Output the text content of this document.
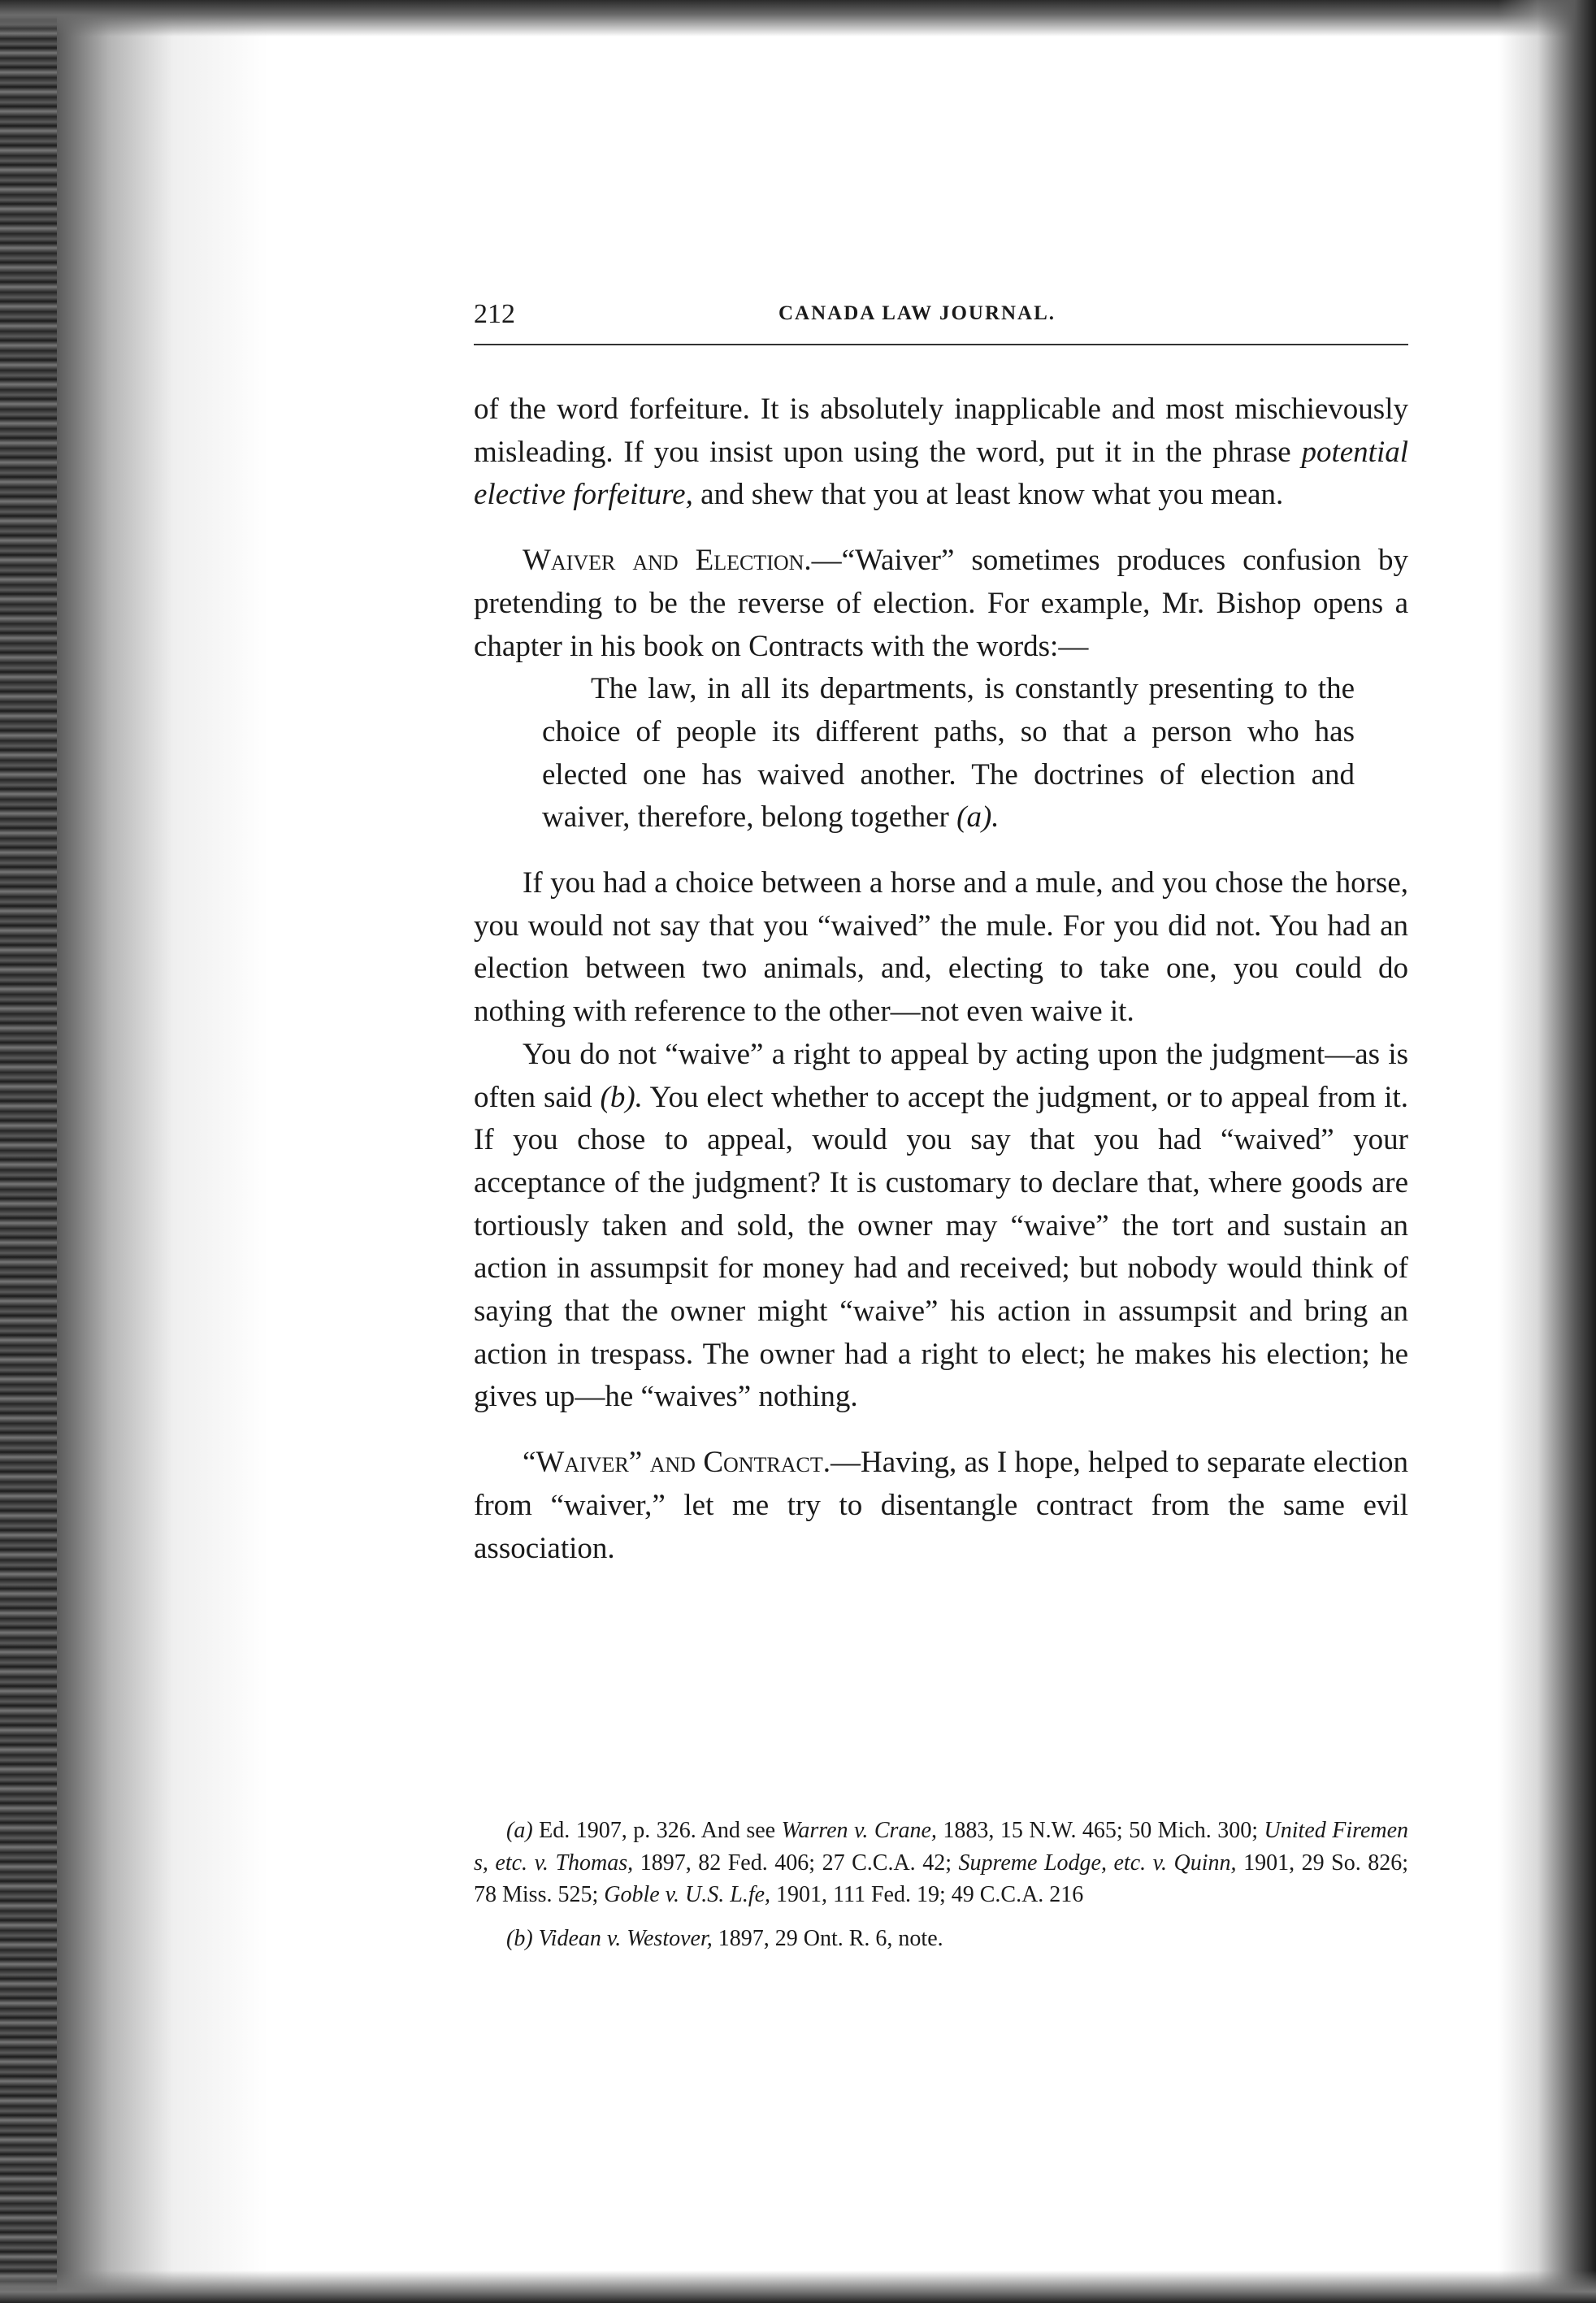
212	CANADA LAW JOURNAL.

of the word forfeiture. It is absolutely inapplicable and most mischievously misleading. If you insist upon using the word, put it in the phrase potential elective forfeiture, and shew that you at least know what you mean.

Waiver and Election.—“Waiver” sometimes produces confusion by pretending to be the reverse of election. For example, Mr. Bishop opens a chapter in his book on Contracts with the words:—

The law, in all its departments, is constantly presenting to the choice of people its different paths, so that a person who has elected one has waived another. The doctrines of election and waiver, therefore, belong together (a).

If you had a choice between a horse and a mule, and you chose the horse, you would not say that you “waived” the mule. For you did not. You had an election between two animals, and, electing to take one, you could do nothing with reference to the other—not even waive it.

You do not “waive” a right to appeal by acting upon the judgment—as is often said (b). You elect whether to accept the judgment, or to appeal from it. If you chose to appeal, would you say that you had “waived” your acceptance of the judgment? It is customary to declare that, where goods are tortiously taken and sold, the owner may “waive” the tort and sustain an action in assumpsit for money had and received; but nobody would think of saying that the owner might “waive” his action in assumpsit and bring an action in trespass. The owner had a right to elect; he makes his election; he gives up—he “waives” nothing.

“Waiver” and Contract.—Having, as I hope, helped to separate election from “waiver,” let me try to disentangle contract from the same evil association.

(a) Ed. 1907, p. 326. And see Warren v. Crane, 1883, 15 N.W. 465; 50 Mich. 300; United Firemen s, etc. v. Thomas, 1897, 82 Fed. 406; 27 C.C.A. 42; Supreme Lodge, etc. v. Quinn, 1901, 29 So. 826; 78 Miss. 525; Goble v. U.S. L.fe, 1901, 111 Fed. 19; 49 C.C.A. 216

(b) Videan v. Westover, 1897, 29 Ont. R. 6, note.
